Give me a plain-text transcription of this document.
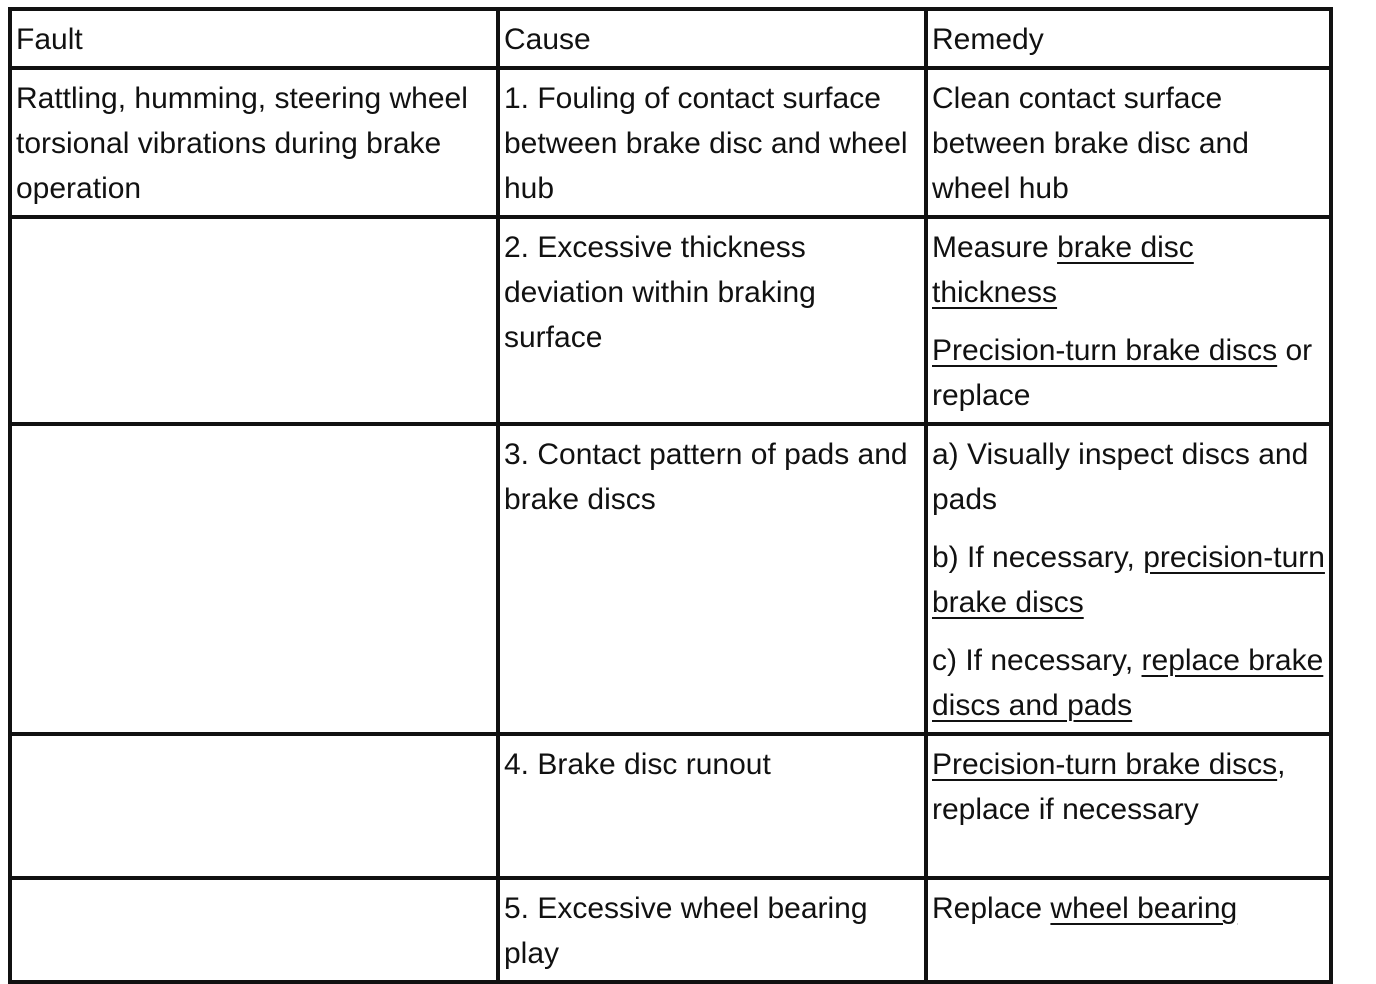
Fault	Cause	Remedy
Rattling, humming, steering wheel torsional vibrations during brake operation	1. Fouling of contact surface between brake disc and wheel hub	Clean contact surface between brake disc and wheel hub

	2. Excessive thickness deviation within braking surface	Measure brake disc thickness
Precision-turn brake discs or replace

	3. Contact pattern of pads and brake discs	a) Visually inspect discs and pads
b) If necessary, precision-turn brake discs
c) If necessary, replace brake discs and pads

	4. Brake disc runout	Precision-turn brake discs, replace if necessary

	5. Excessive wheel bearing play	Replace wheel bearing
